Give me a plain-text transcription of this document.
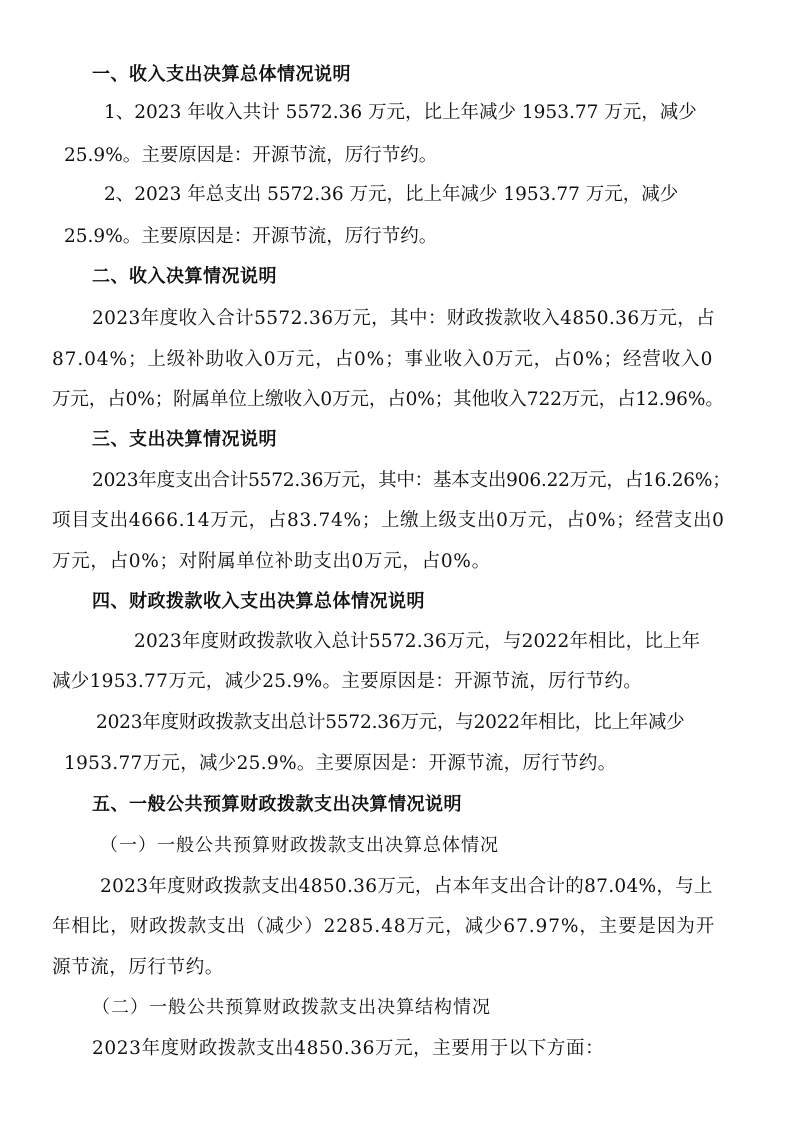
一、收入支出决算总体情况说明
1、2023 年收入共计 5572.36 万元，比上年减少 1953.77 万元，减少
25.9%。主要原因是：开源节流，厉行节约。
2、2023 年总支出 5572.36 万元，比上年减少 1953.77 万元，减少
25.9%。主要原因是：开源节流，厉行节约。
二、收入决算情况说明
2023年度收入合计5572.36万元，其中：财政拨款收入4850.36万元，占
87.04%；上级补助收入0万元，占0%；事业收入0万元，占0%；经营收入0
万元，占0%；附属单位上缴收入0万元，占0%；其他收入722万元，占12.96%。
三、支出决算情况说明
2023年度支出合计5572.36万元，其中：基本支出906.22万元，占16.26%；
项目支出4666.14万元，占83.74%；上缴上级支出0万元，占0%；经营支出0
万元，占0%；对附属单位补助支出0万元，占0%。
四、财政拨款收入支出决算总体情况说明
2023年度财政拨款收入总计5572.36万元，与2022年相比，比上年
减少1953.77万元，减少25.9%。主要原因是：开源节流，厉行节约。
2023年度财政拨款支出总计5572.36万元，与2022年相比，比上年减少
1953.77万元，减少25.9%。主要原因是：开源节流，厉行节约。
五、一般公共预算财政拨款支出决算情况说明
（一）一般公共预算财政拨款支出决算总体情况
2023年度财政拨款支出4850.36万元，占本年支出合计的87.04%，与上
年相比，财政拨款支出（减少）2285.48万元，减少67.97%，主要是因为开
源节流，厉行节约。
（二）一般公共预算财政拨款支出决算结构情况
2023年度财政拨款支出4850.36万元，主要用于以下方面：
